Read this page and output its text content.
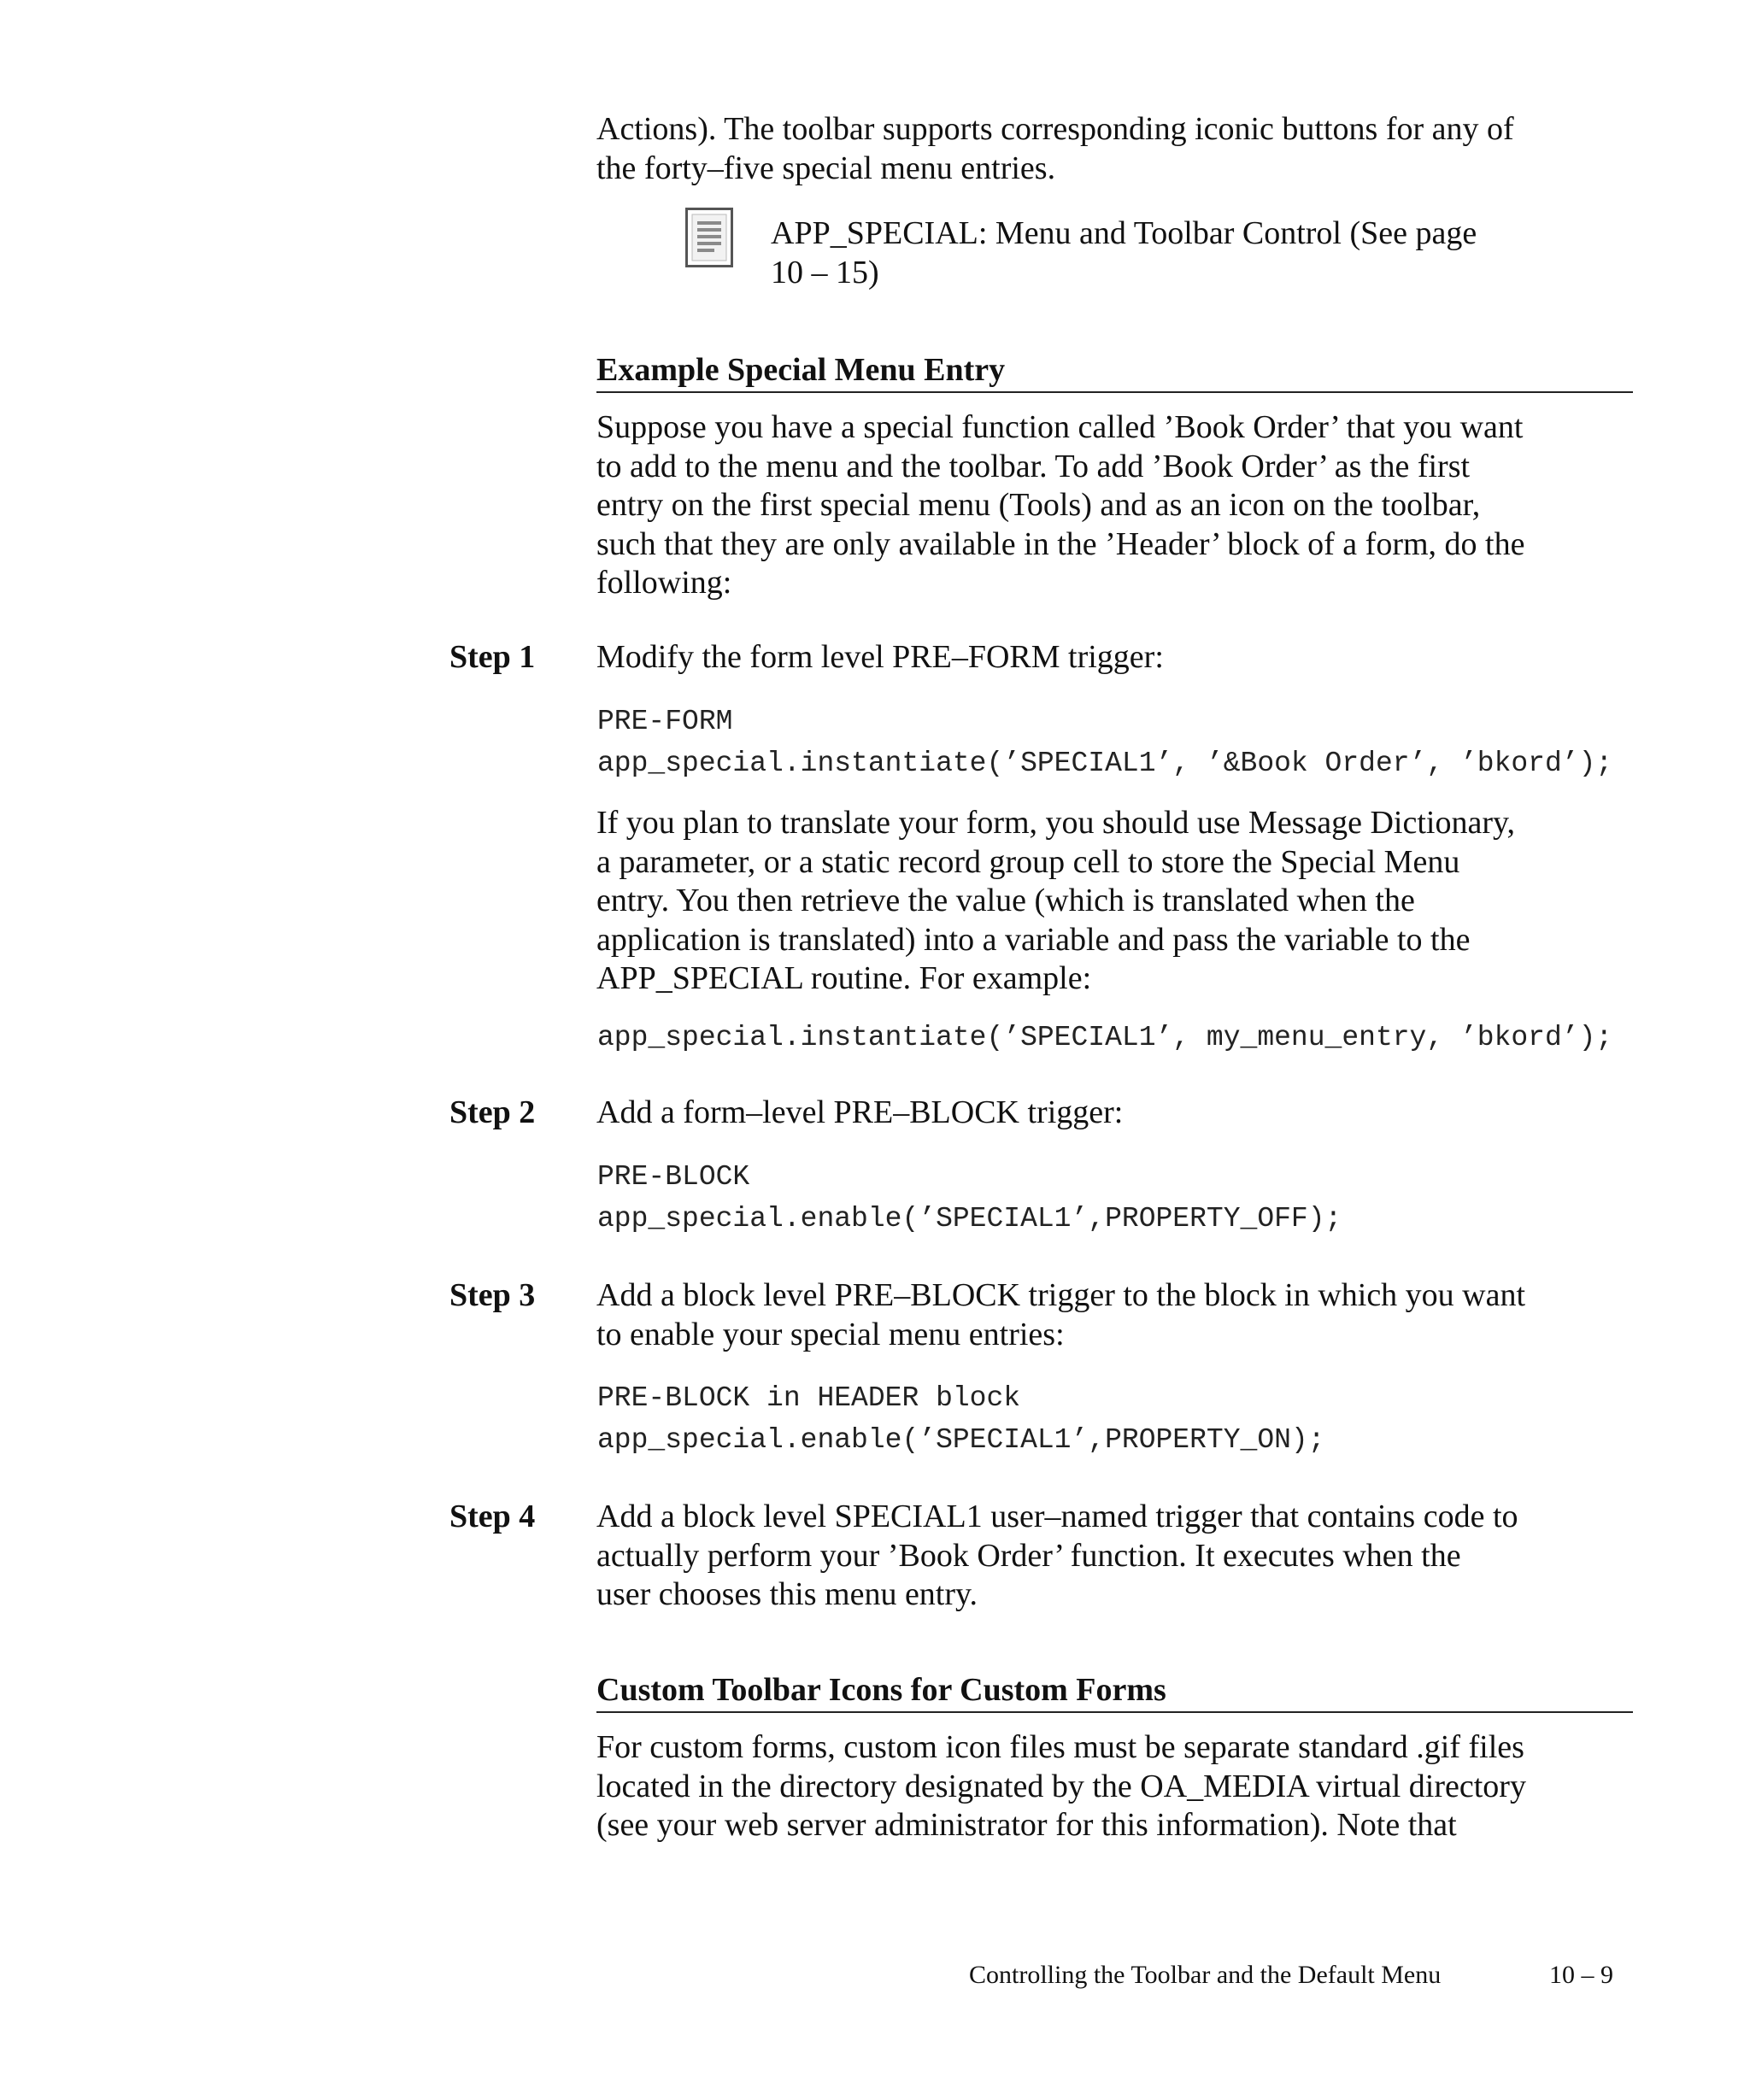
Actions). The toolbar supports corresponding iconic buttons for any of
the forty–five special menu entries.

APP_SPECIAL: Menu and Toolbar Control (See page
10 – 15)
Example Special Menu Entry

Suppose you have a special function called ’Book Order’ that you want
to add to the menu and the toolbar. To add ’Book Order’ as the first
entry on the first special menu (Tools) and as an icon on the toolbar,
such that they are only available in the ’Header’ block of a form, do the
following:

Step 1 Modify the form level PRE–FORM trigger:

PRE-FORM
app_special.instantiate(’SPECIAL1’, ’&Book Order’, ’bkord’);

If you plan to translate your form, you should use Message Dictionary,
a parameter, or a static record group cell to store the Special Menu
entry. You then retrieve the value (which is translated when the
application is translated) into a variable and pass the variable to the
APP_SPECIAL routine. For example:

app_special.instantiate(’SPECIAL1’, my_menu_entry, ’bkord’);
Step 2 Add a form–level PRE–BLOCK trigger:

PRE-BLOCK
app_special.enable(’SPECIAL1’,PROPERTY_OFF);
Step 3 Add a block level PRE–BLOCK trigger to the block in which you want
to enable your special menu entries:

PRE-BLOCK in HEADER block
app_special.enable(’SPECIAL1’,PROPERTY_ON);
Step 4 Add a block level SPECIAL1 user–named trigger that contains code to
actually perform your ’Book Order’ function. It executes when the
user chooses this menu entry.

Custom Toolbar Icons for Custom Forms

For custom forms, custom icon files must be separate standard .gif files
located in the directory designated by the OA_MEDIA virtual directory
(see your web server administrator for this information). Note that

Controlling the Toolbar and the Default Menu	10 – 9
